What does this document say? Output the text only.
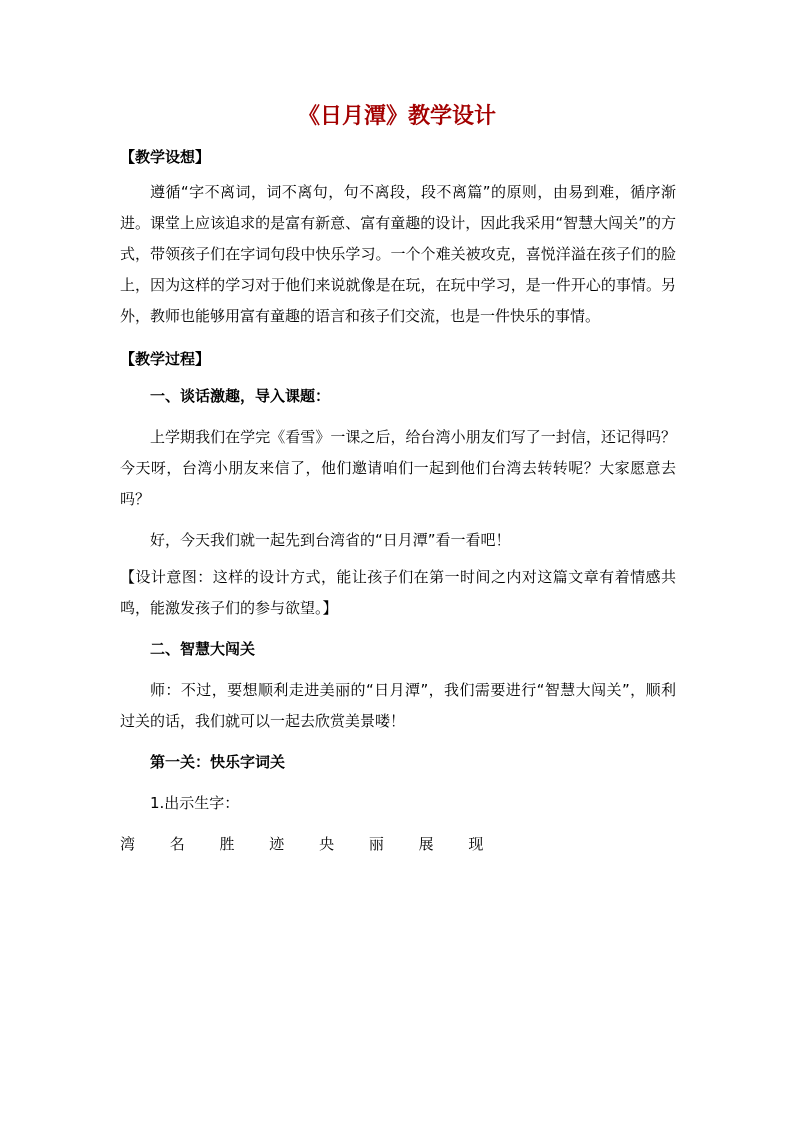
《日月潭》教学设计

【教学设想】

遵循“字不离词，词不离句，句不离段，段不离篇”的原则，由易到难，循序渐进。课堂上应该追求的是富有新意、富有童趣的设计，因此我采用“智慧大闯关”的方式，带领孩子们在字词句段中快乐学习。一个个难关被攻克，喜悦洋溢在孩子们的脸上，因为这样的学习对于他们来说就像是在玩，在玩中学习，是一件开心的事情。另外，教师也能够用富有童趣的语言和孩子们交流，也是一件快乐的事情。

【教学过程】

一、谈话激趣，导入课题：

上学期我们在学完《看雪》一课之后，给台湾小朋友们写了一封信，还记得吗？今天呀，台湾小朋友来信了，他们邀请咱们一起到他们台湾去转转呢？大家愿意去吗？

好，今天我们就一起先到台湾省的“日月潭”看一看吧！

【设计意图：这样的设计方式，能让孩子们在第一时间之内对这篇文章有着情感共鸣，能激发孩子们的参与欲望。】

二、智慧大闯关

师：不过，要想顺利走进美丽的“日月潭”，我们需要进行“智慧大闯关”，顺利过关的话，我们就可以一起去欣赏美景喽！

第一关：快乐字词关

1.出示生字：

湾 名 胜 迹 央 丽 展 现
